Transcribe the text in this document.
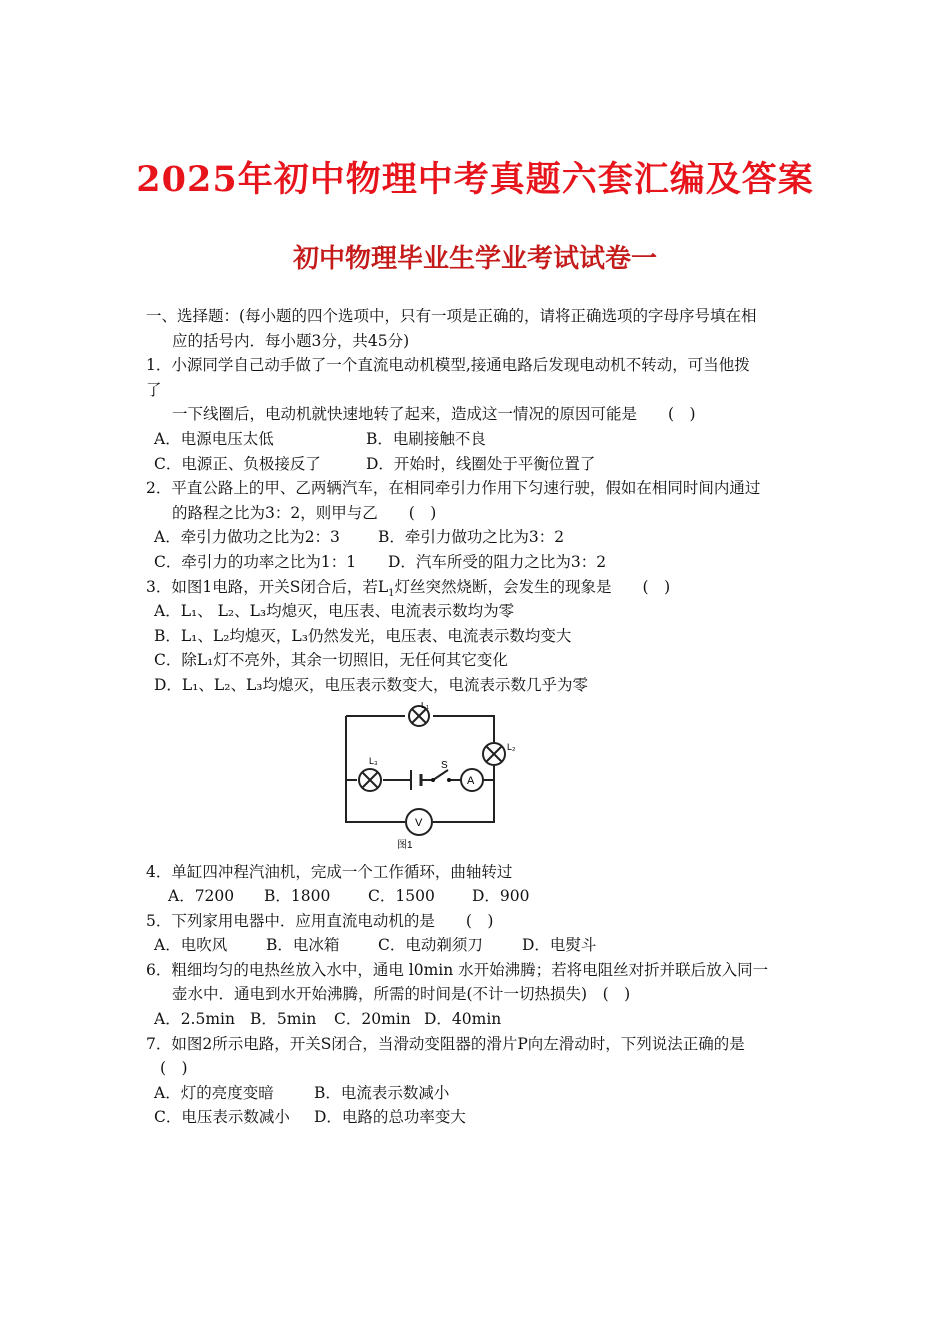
2025年初中物理中考真题六套汇编及答案
初中物理毕业生学业考试试卷一
一、选择题：(每小题的四个选项中，只有一项是正确的，请将正确选项的字母序号填在相
应的括号内．每小题3分，共45分)
1．小源同学自己动手做了一个直流电动机模型,接通电路后发现电动机不转动，可当他拨
了
一下线圈后，电动机就快速地转了起来，造成这一情况的原因可能是　　(　)
A．电源电压太低	B．电刷接触不良
C．电源正、负极接反了	D．开始时，线圈处于平衡位置了
2．平直公路上的甲、乙两辆汽车，在相同牵引力作用下匀速行驶，假如在相同时间内通过
的路程之比为3：2，则甲与乙　　(　)
A．牵引力做功之比为2：3 B．牵引力做功之比为3：2
C．牵引力的功率之比为1：1 D．汽车所受的阻力之比为3：2
3．如图1电路，开关S闭合后，若$L_1$灯丝突然烧断，会发生的现象是　　(　)
A．L₁、 L₂、L₃均熄灭，电压表、电流表示数均为零
B．L₁、L₂均熄灭，L₃仍然发光，电压表、电流表示数均变大
C．除L₁灯不亮外，其余一切照旧，无任何其它变化
D．L₁、L₂、L₃均熄灭，电压表示数变大，电流表示数几乎为零
L₁
L₂
L₃	S
A
V
图1
4．单缸四冲程汽油机，完成一个工作循环，曲轴转过
A．7200 B．1800 C．1500 D．900
5．下列家用电器中．应用直流电动机的是　　(　)
A．电吹风	B．电冰箱 C．电动剃须刀	D．电熨斗
6．粗细均匀的电热丝放入水中，通电 l0min 水开始沸腾；若将电阻丝对折并联后放入同一
壶水中．通电到水开始沸腾，所需的时间是(不计一切热损失)　(　)
A．2.5min B．5min C．20min D．40min
7．如图2所示电路，开关S闭合，当滑动变阻器的滑片P向左滑动时，下列说法正确的是
(　)
A．灯的亮度变暗	B．电流表示数减小
C．电压表示数减小 D．电路的总功率变大
